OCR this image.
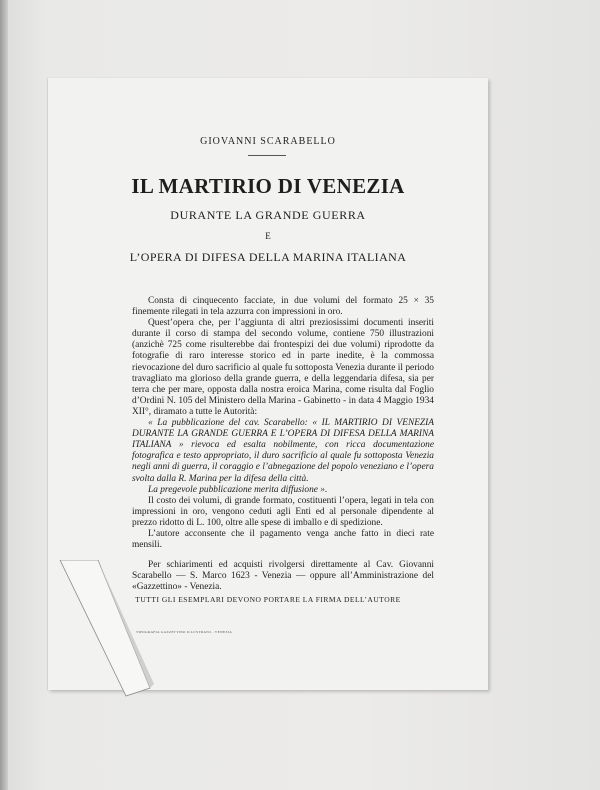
GIOVANNI SCARABELLO
IL MARTIRIO DI VENEZIA
DURANTE LA GRANDE GUERRA
E
L’OPERA DI DIFESA DELLA MARINA ITALIANA

Consta di cinquecento facciate, in due volumi del formato 25 × 35 finemente rilegati in tela azzurra con impressioni in oro.

Quest’opera che, per l’aggiunta di altri preziosissimi documenti inseriti durante il corso di stampa del secondo volume, contiene 750 illustrazioni (anzichè 725 come risulterebbe dai frontespizi dei due volumi) riprodotte da fotografie di raro interesse storico ed in parte inedite, è la commossa rievocazione del duro sacrificio al quale fu sottoposta Venezia durante il periodo travagliato ma glorioso della grande guerra, e della leggendaria difesa, sia per terra che per mare, opposta dalla nostra eroica Marina, come risulta dal Foglio d’Ordini N. 105 del Ministero della Marina - Gabinetto - in data 4 Maggio 1934 XII°, diramato a tutte le Autorità:

« La pubblicazione del cav. Scarabello: « IL MARTIRIO DI VENEZIA DURANTE LA GRANDE GUERRA E L’OPERA DI DIFESA DELLA MARINA ITALIANA » rievoca ed esalta nobilmente, con ricca documentazione fotografica e testo appropriato, il duro sacrificio al quale fu sottoposta Venezia negli anni di guerra, il coraggio e l’abnegazione del popolo veneziano e l’opera svolta dalla R. Marina per la difesa della città.

La pregevole pubblicazione merita diffusione ».

Il costo dei volumi, di grande formato, costituenti l’opera, legati in tela con impressioni in oro, vengono ceduti agli Enti ed al personale dipendente al prezzo ridotto di L. 100, oltre alle spese di imballo e di spedizione.

L’autore acconsente che il pagamento venga anche fatto in dieci rate mensili.

Per schiarimenti ed acquisti rivolgersi direttamente al Cav. Giovanni Scarabello — S. Marco 1623 - Venezia — oppure all’Amministrazione del «Gazzettino» - Venezia.

TUTTI GLI ESEMPLARI DEVONO PORTARE LA FIRMA DELL’AUTORE
TIPOGRAFIA GAZZETTINO ILLUSTRATO - VENEZIA
